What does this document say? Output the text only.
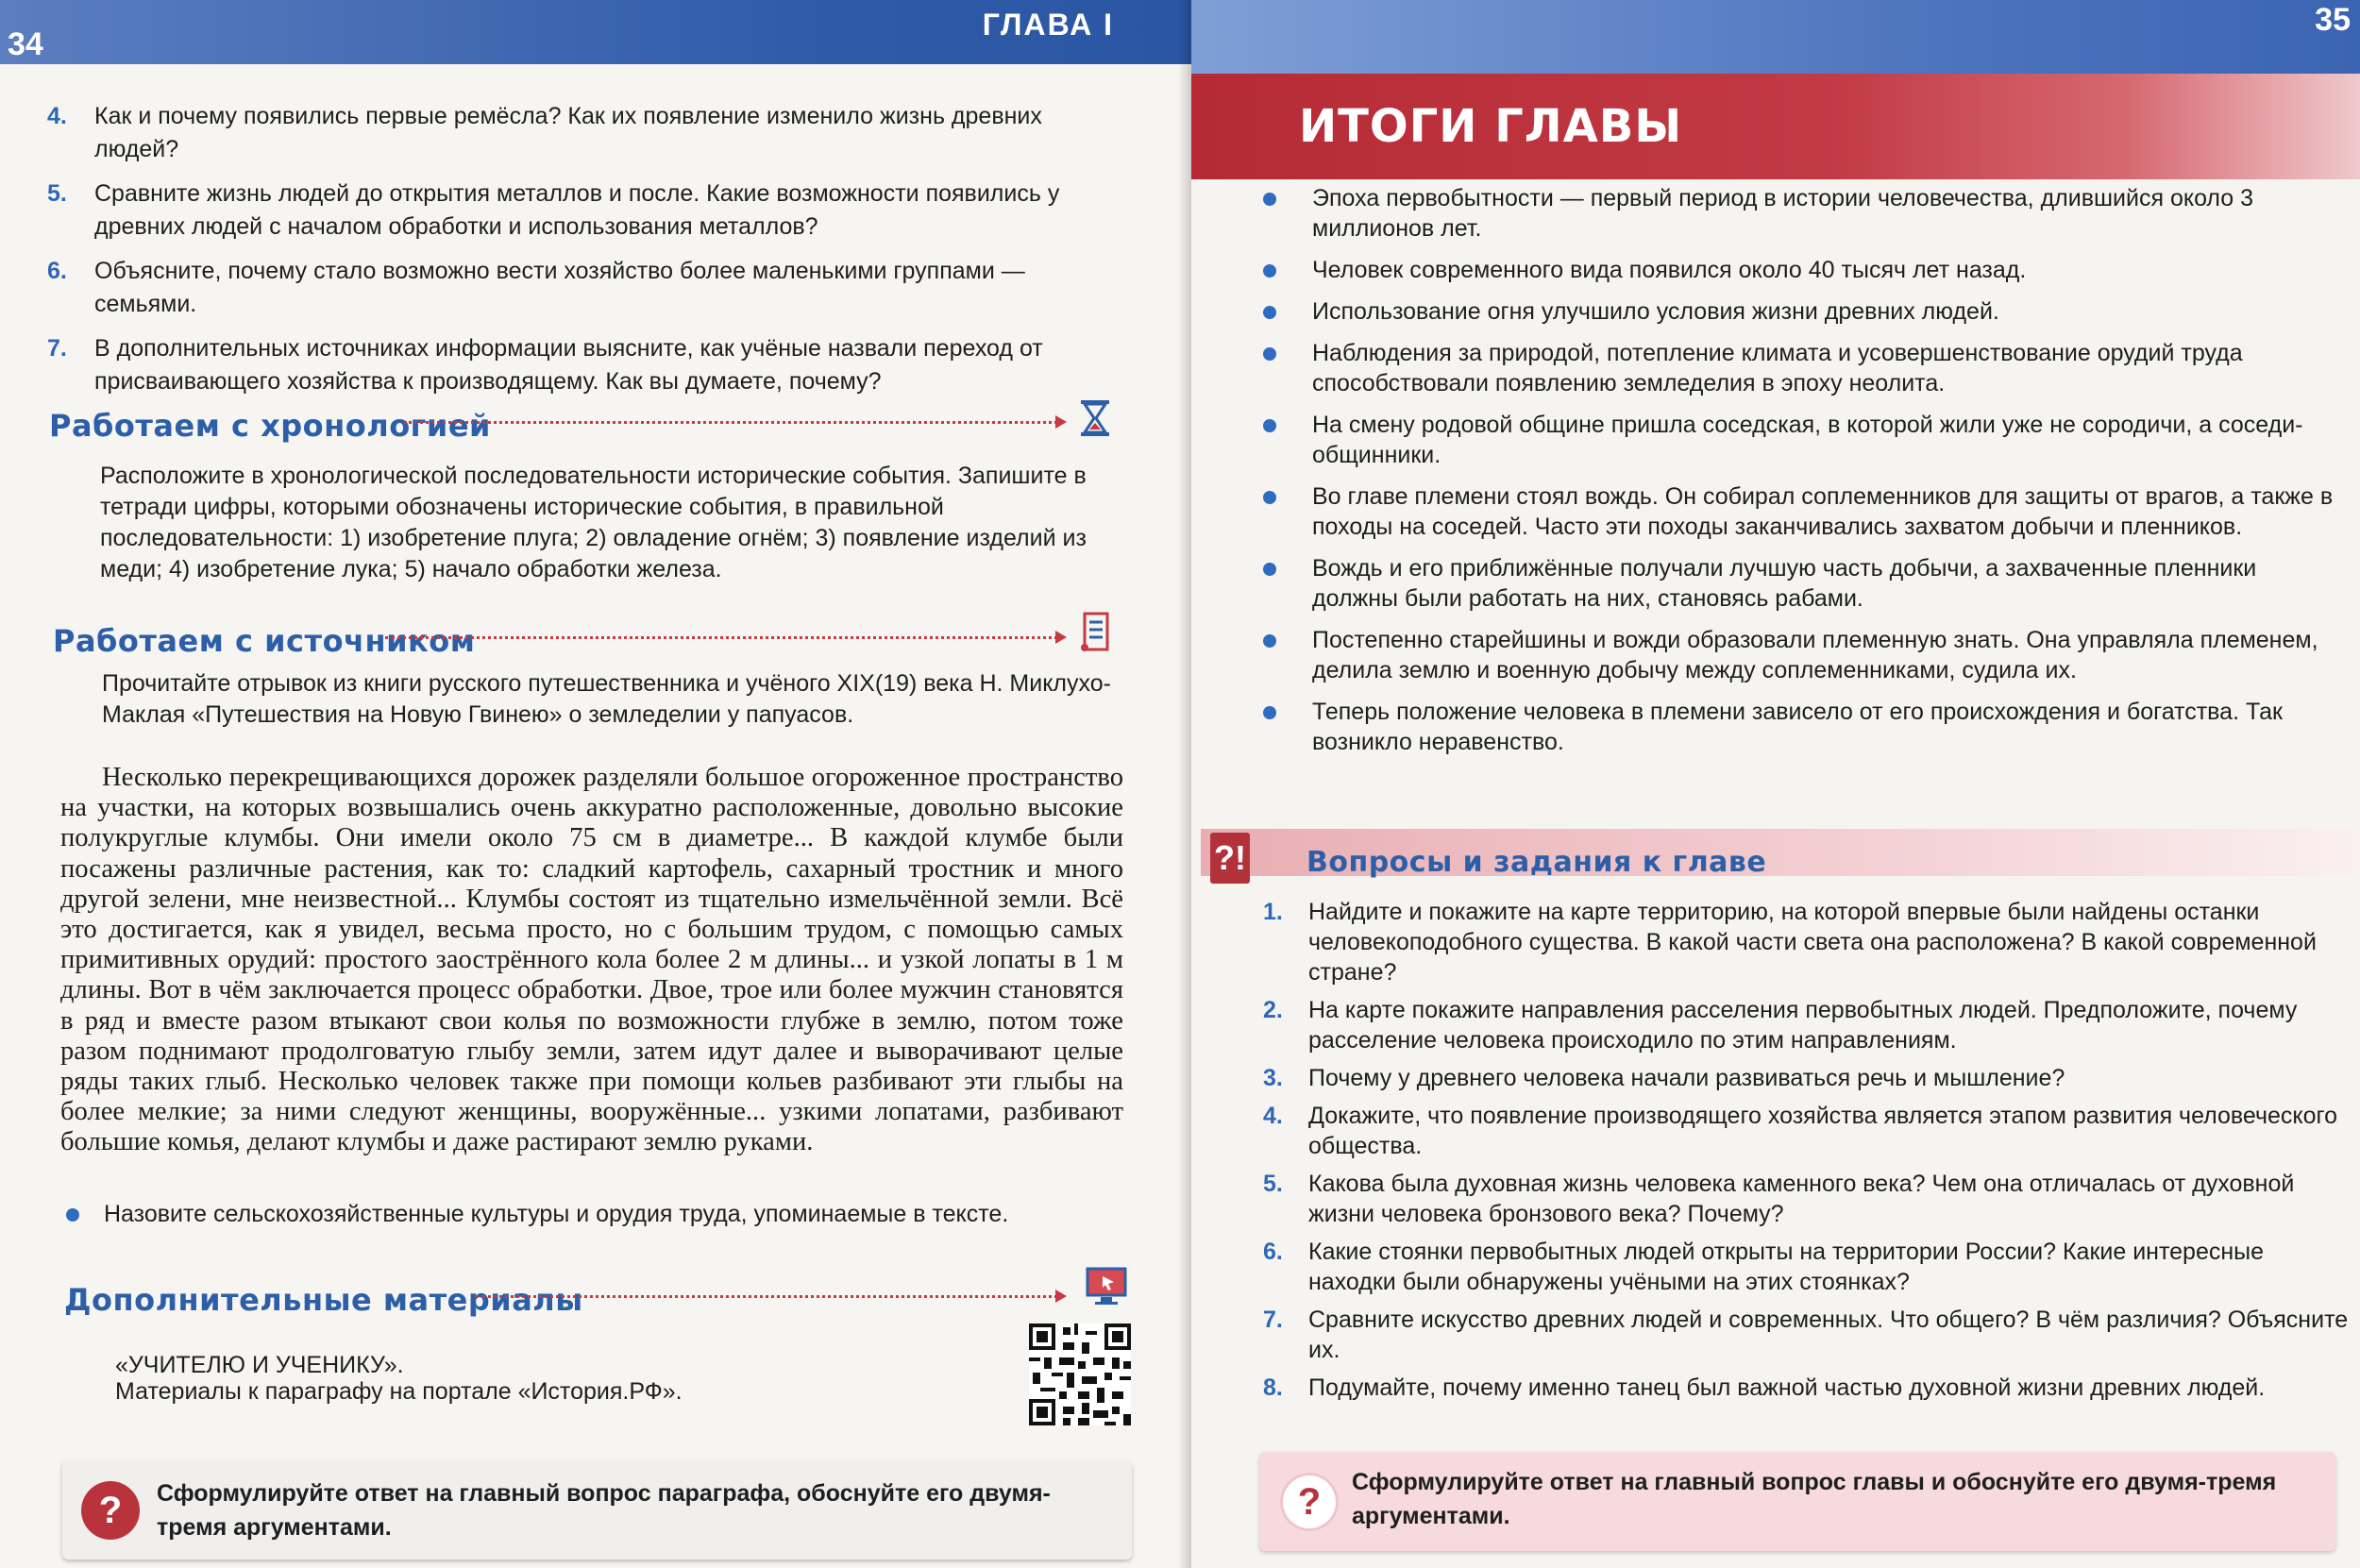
34
ГЛАВА I
4.	Как и почему появились первые ремёсла? Как их появление изменило жизнь древних людей?
5.	Сравните жизнь людей до открытия металлов и после. Какие возможности появились у древних людей с началом обработки и использования металлов?
6.	Объясните, почему стало возможно вести хозяйство более маленькими группами — семьями.
7.	В дополнительных источниках информации выясните, как учёные назвали переход от присваивающего хозяйства к производящему. Как вы думаете, почему?
Работаем с хронологией

Расположите в хронологической последовательности исторические события. Запишите в тетради цифры, которыми обозначены исторические события, в правильной последовательности: 1) изобретение плуга; 2) овладение огнём; 3) появление изделий из меди; 4) изобретение лука; 5) начало обработки железа.

Работаем с источником

Прочитайте отрывок из книги русского путешественника и учёного XIX(19) века Н. Миклухо-Маклая «Путешествия на Новую Гвинею» о земледелии у папуасов.

Несколько перекрещивающихся дорожек разделяли большое огороженное пространство на участки, на которых возвышались очень аккуратно расположенные, довольно высокие полукруглые клумбы. Они имели около 75 см в диаметре... В каждой клумбе были посажены различные растения, как то: сладкий картофель, сахарный тростник и много другой зелени, мне неизвестной... Клумбы состоят из тщательно измельчённой земли. Всё это достигается, как я увидел, весьма просто, но с большим трудом, с помощью самых примитивных орудий: простого заострённого кола более 2 м длины... и узкой лопаты в 1 м длины. Вот в чём заключается процесс обработки. Двое, трое или более мужчин становятся в ряд и вместе разом втыкают свои колья по возможности глубже в землю, потом тоже разом поднимают продолговатую глыбу земли, затем идут далее и выворачивают целые ряды таких глыб. Несколько человек также при помощи кольев разбивают эти глыбы на более мелкие; за ними следуют женщины, вооружённые... узкими лопатами, разбивают большие комья, делают клумбы и даже растирают землю руками.

Назовите сельскохозяйственные культуры и орудия труда, упоминаемые в тексте.
Дополнительные материалы
«УЧИТЕЛЮ И УЧЕНИКУ».
Материалы к параграфу на портале «История.РФ».
?	Сформулируйте ответ на главный вопрос параграфа, обоснуйте его двумя-тремя аргументами.
35
ИТОГИ ГЛАВЫ
Эпоха первобытности — первый период в истории человечества, длившийся около 3 миллионов лет.
Человек современного вида появился около 40 тысяч лет назад.
Использование огня улучшило условия жизни древних людей.
Наблюдения за природой, потепление климата и усовершенствование орудий труда способствовали появлению земледелия в эпоху неолита.
На смену родовой общине пришла соседская, в которой жили уже не сородичи, а соседи-общинники.
Во главе племени стоял вождь. Он собирал соплеменников для защиты от врагов, а также в походы на соседей. Часто эти походы заканчивались захватом добычи и пленников.
Вождь и его приближённые получали лучшую часть добычи, а захваченные пленники должны были работать на них, становясь рабами.
Постепенно старейшины и вожди образовали племенную знать. Она управляла племенем, делила землю и военную добычу между соплеменниками, судила их.
Теперь положение человека в племени зависело от его происхождения и богатства. Так возникло неравенство.
?! Вопросы и задания к главе
1.	Найдите и покажите на карте территорию, на которой впервые были найдены останки человекоподобного существа. В какой части света она расположена? В какой современной стране?
2.	На карте покажите направления расселения первобытных людей. Предположите, почему расселение человека происходило по этим направлениям.
3.	Почему у древнего человека начали развиваться речь и мышление?
4.	Докажите, что появление производящего хозяйства является этапом развития человеческого общества.
5.	Какова была духовная жизнь человека каменного века? Чем она отличалась от духовной жизни человека бронзового века? Почему?
6.	Какие стоянки первобытных людей открыты на территории России? Какие интересные находки были обнаружены учёными на этих стоянках?
7.	Сравните искусство древних людей и современных. Что общего? В чём различия? Объясните их.
8.	Подумайте, почему именно танец был важной частью духовной жизни древних людей.
?	Сформулируйте ответ на главный вопрос главы и обоснуйте его двумя-тремя аргументами.
